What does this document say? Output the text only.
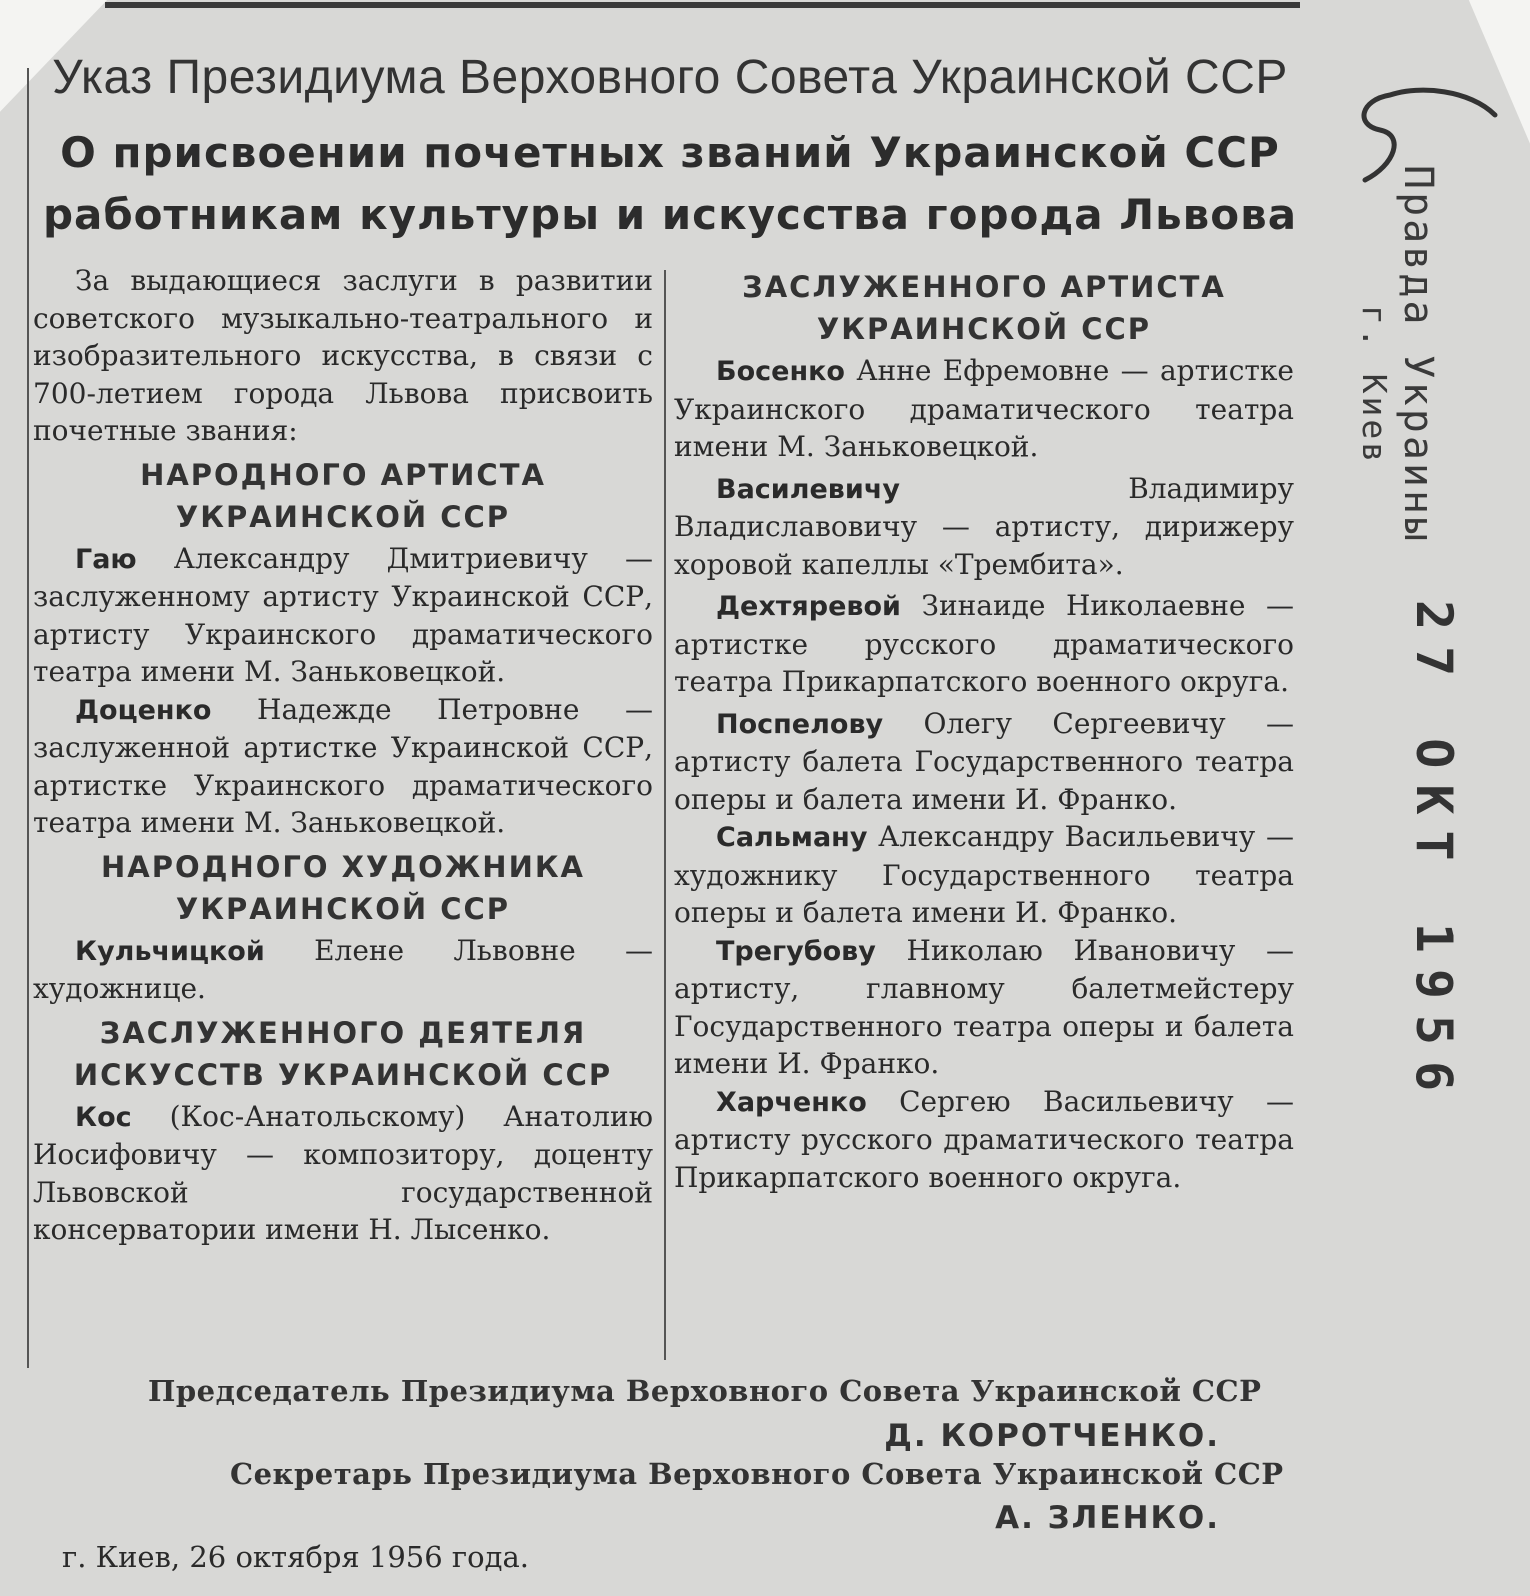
Указ Президиума Верховного Совета Украинской ССР
О присвоении почетных званий Украинской ССР
работникам культуры и искусства города Львова

За выдающиеся заслуги в развитии советского музыкально-театрального и изобразительного искусства, в связи с 700-летием города Львова присвоить почетные звания:

НАРОДНОГО АРТИСТА УКРАИНСКОЙ ССР

Гаю Александру Дмитриевичу — заслуженному артисту Украинской ССР, артисту Украинского драматического театра имени М. Заньковецкой.

Доценко Надежде Петровне — заслуженной артистке Украинской ССР, артистке Украинского драматического театра имени М. Заньковецкой.

НАРОДНОГО ХУДОЖНИКА УКРАИНСКОЙ ССР

Кульчицкой Елене Львовне — художнице.

ЗАСЛУЖЕННОГО ДЕЯТЕЛЯ ИСКУССТВ УКРАИНСКОЙ ССР

Кос (Кос-Анатольскому) Анатолию Иосифовичу — композитору, доценту Львовской государственной консерватории имени Н. Лысенко.

ЗАСЛУЖЕННОГО АРТИСТА УКРАИНСКОЙ ССР

Босенко Анне Ефремовне — артистке Украинского драматического театра имени М. Заньковецкой.

Василевичу Владимиру Владиславовичу — артисту, дирижеру хоровой капеллы «Трембита».

Дехтяревой Зинаиде Николаевне — артистке русского драматического театра Прикарпатского военного округа.

Поспелову Олегу Сергеевичу — артисту балета Государственного театра оперы и балета имени И. Франко.

Сальману Александру Васильевичу — художнику Государственного театра оперы и балета имени И. Франко.

Трегубову Николаю Ивановичу — артисту, главному балетмейстеру Государственного театра оперы и балета имени И. Франко.

Харченко Сергею Васильевичу — артисту русского драматического театра Прикарпатского военного округа.

Председатель Президиума Верховного Совета Украинской ССР
Д. КОРОТЧЕНКО.
Секретарь Президиума Верховного Совета Украинской ССР
А. ЗЛЕНКО.
г. Киев, 26 октября 1956 года.
Правда Украины
г. Киев
27 ОКТ 1956
